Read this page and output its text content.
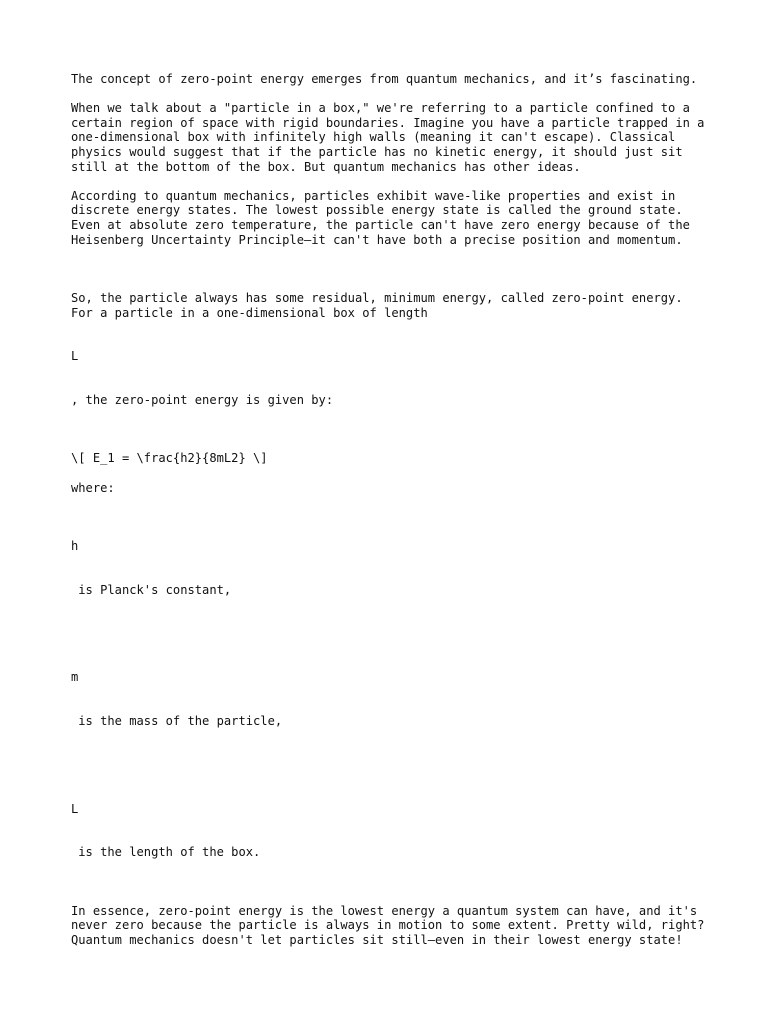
The concept of zero-point energy emerges from quantum mechanics, and it’s fascinating.

When we talk about a "particle in a box," we're referring to a particle confined to a certain region of space with rigid boundaries. Imagine you have a particle trapped in a one-dimensional box with infinitely high walls (meaning it can't escape). Classical physics would suggest that if the particle has no kinetic energy, it should just sit still at the bottom of the box. But quantum mechanics has other ideas.

According to quantum mechanics, particles exhibit wave-like properties and exist in discrete energy states. The lowest possible energy state is called the ground state. Even at absolute zero temperature, the particle can't have zero energy because of the Heisenberg Uncertainty Principle—it can't have both a precise position and momentum.

So, the particle always has some residual, minimum energy, called zero-point energy. For a particle in a one-dimensional box of length

L

, the zero-point energy is given by:

\[ E_1 = \frac{h2}{8mL2} \]

where:

h

is Planck's constant,

m

is the mass of the particle,

L

is the length of the box.

In essence, zero-point energy is the lowest energy a quantum system can have, and it's never zero because the particle is always in motion to some extent. Pretty wild, right? Quantum mechanics doesn't let particles sit still—even in their lowest energy state!
